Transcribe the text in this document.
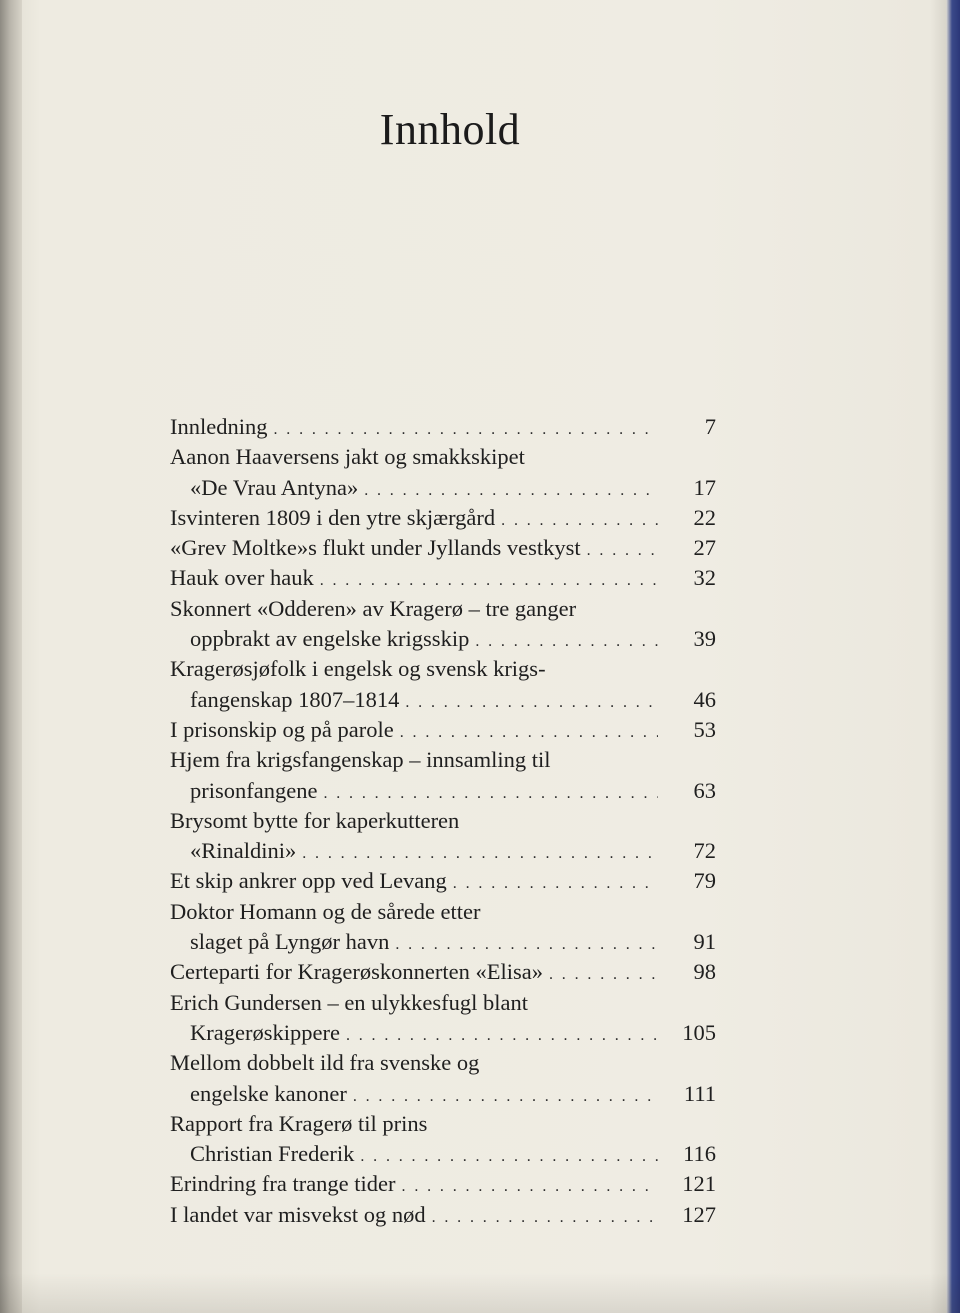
Innhold
Innledning . . .	7
Aanon Haaversens jakt og smakkskipet
«De Vrau Antyna» . . .	17
Isvinteren 1809 i den ytre skjærgård . . .	22
«Grev Moltke»s flukt under Jyllands vestkyst . . .	27
Hauk over hauk . . .	32
Skonnert «Odderen» av Kragerø – tre ganger
oppbrakt av engelske krigsskip . . .	39
Kragerøsjøfolk i engelsk og svensk krigs-
fangenskap 1807–1814 . . .	46
I prisonskip og på parole . . .	53
Hjem fra krigsfangenskap – innsamling til
prisonfangene . . .	63
Brysomt bytte for kaperkutteren
«Rinaldini» . . .	72
Et skip ankrer opp ved Levang . . .	79
Doktor Homann og de sårede etter
slaget på Lyngør havn . . .	91
Certeparti for Kragerøskonnerten «Elisa» . . .	98
Erich Gundersen – en ulykkesfugl blant
Kragerøskippere . . .	105
Mellom dobbelt ild fra svenske og
engelske kanoner . . .	111
Rapport fra Kragerø til prins
Christian Frederik . . .	116
Erindring fra trange tider . . .	121
I landet var misvekst og nød . . .	127
